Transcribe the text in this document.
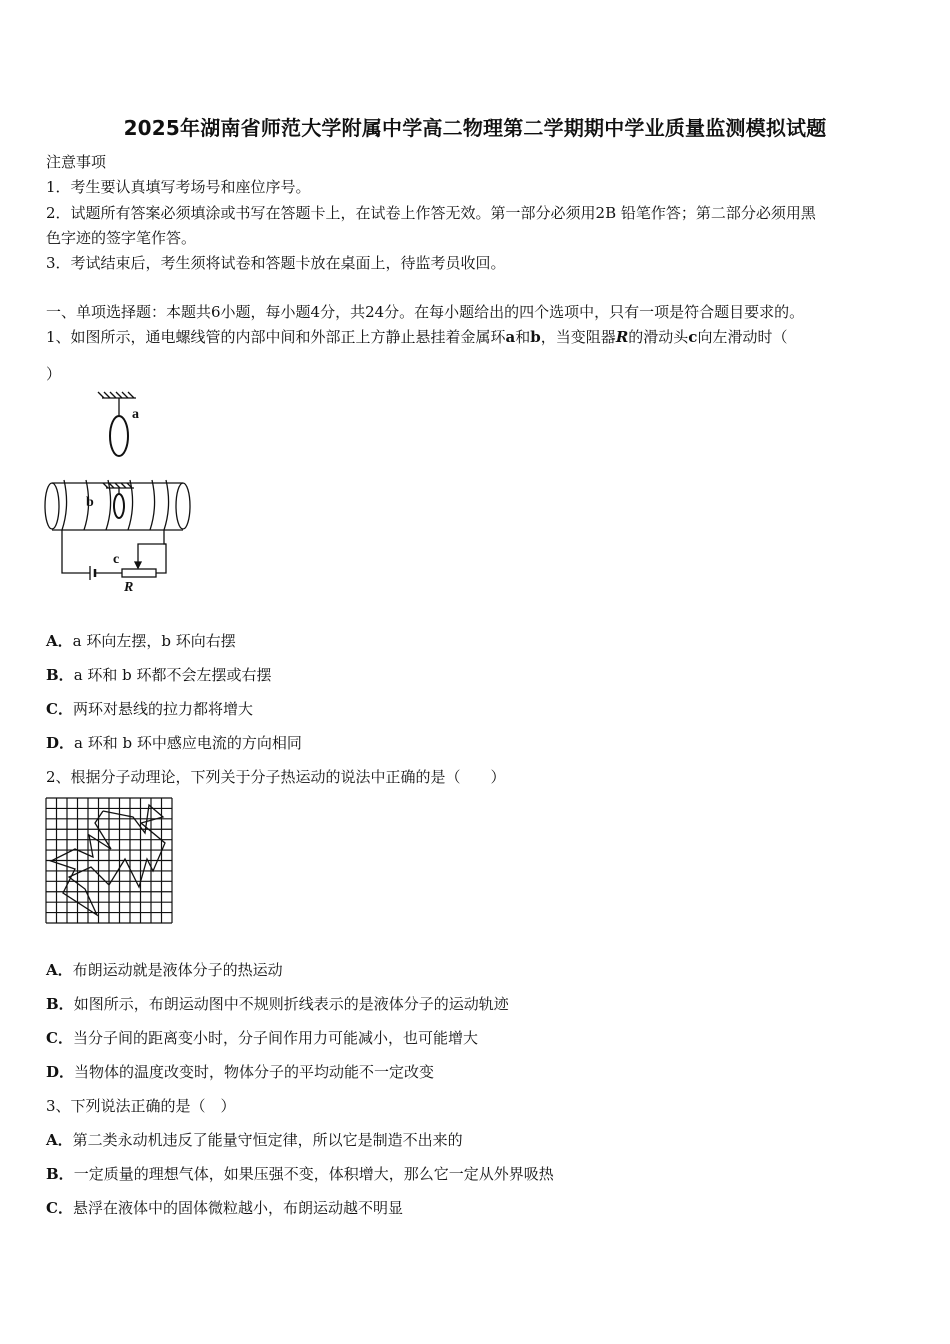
2025年湖南省师范大学附属中学高二物理第二学期期中学业质量监测模拟试题
注意事项
1．考生要认真填写考场号和座位序号。
2．试题所有答案必须填涂或书写在答题卡上，在试卷上作答无效。第一部分必须用2B 铅笔作答；第二部分必须用黑
色字迹的签字笔作答。
3．考试结束后，考生须将试卷和答题卡放在桌面上，待监考员收回。
一、单项选择题：本题共6小题，每小题4分，共24分。在每小题给出的四个选项中，只有一项是符合题目要求的。
1、如图所示，通电螺线管的内部中间和外部正上方静止悬挂着金属环a和b，当变阻器R的滑动头c向左滑动时（
）
a
b
c
R
A．a 环向左摆，b 环向右摆
B．a 环和 b 环都不会左摆或右摆
C．两环对悬线的拉力都将增大
D．a 环和 b 环中感应电流的方向相同
2、根据分子动理论，下列关于分子热运动的说法中正确的是（　　）
A．布朗运动就是液体分子的热运动
B．如图所示，布朗运动图中不规则折线表示的是液体分子的运动轨迹
C．当分子间的距离变小时，分子间作用力可能减小，也可能增大
D．当物体的温度改变时，物体分子的平均动能不一定改变
3、下列说法正确的是（　）
A．第二类永动机违反了能量守恒定律，所以它是制造不出来的
B．一定质量的理想气体，如果压强不变，体积增大，那么它一定从外界吸热
C．悬浮在液体中的固体微粒越小，布朗运动越不明显
